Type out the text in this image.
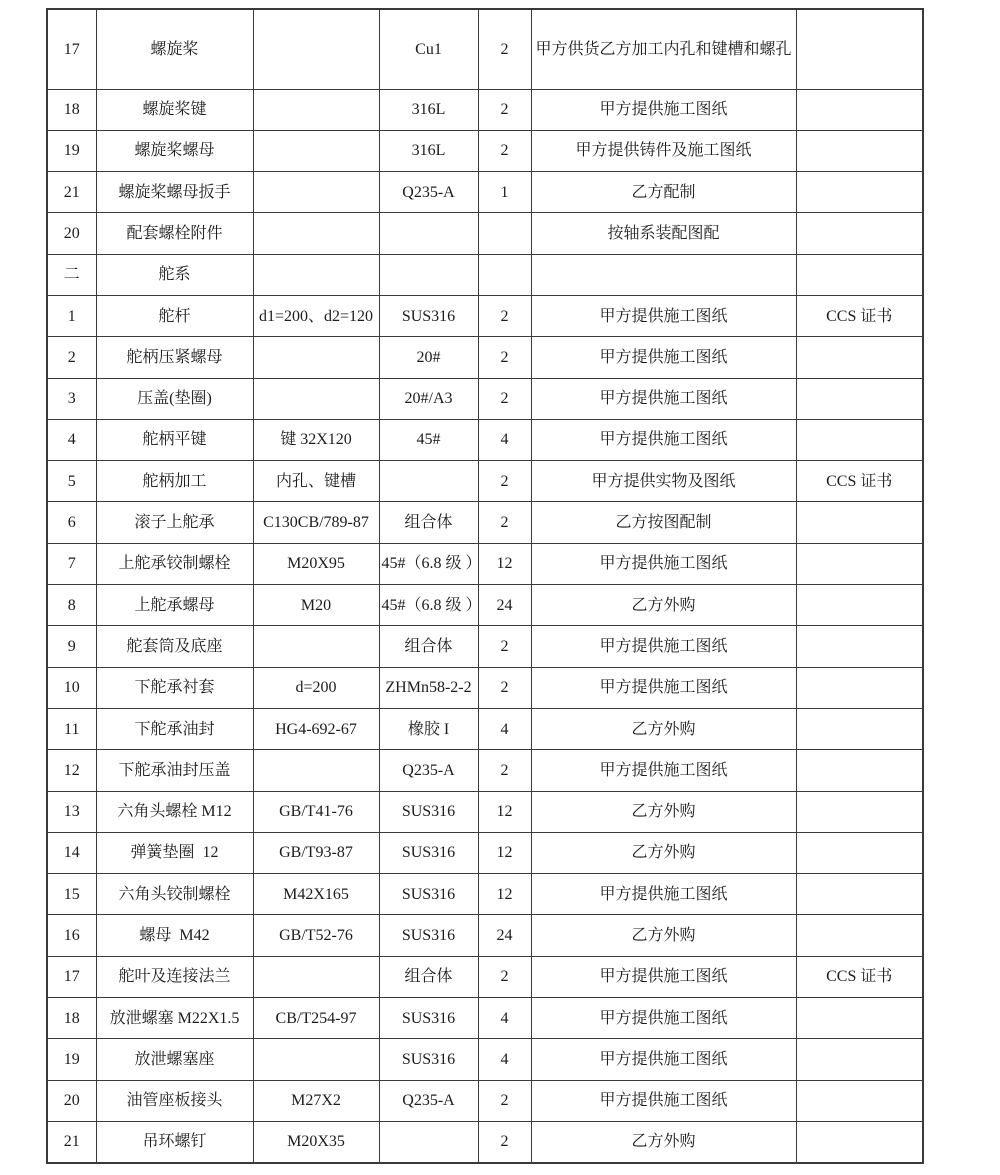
17	螺旋桨		Cu1	2	甲方供货乙方加工内孔和键槽和螺孔	
18	螺旋桨键		316L	2	甲方提供施工图纸	
19	螺旋桨螺母		316L	2	甲方提供铸件及施工图纸	
21	螺旋桨螺母扳手		Q235-A	1	乙方配制	
20	配套螺栓附件				按轴系装配图配	
二	舵系					
1	舵杆	d1=200、d2=120	SUS316	2	甲方提供施工图纸	CCS 证书
2	舵柄压紧螺母		20#	2	甲方提供施工图纸	
3	压盖(垫圈)		20#/A3	2	甲方提供施工图纸	
4	舵柄平键	键 32X120	45#	4	甲方提供施工图纸	
5	舵柄加工	内孔、键槽		2	甲方提供实物及图纸	CCS 证书
6	滚子上舵承	C130CB/789-87	组合体	2	乙方按图配制	
7	上舵承铰制螺栓	M20X95	45#（6.8 级 ）	12	甲方提供施工图纸	
8	上舵承螺母	M20	45#（6.8 级 ）	24	乙方外购	
9	舵套筒及底座		组合体	2	甲方提供施工图纸	
10	下舵承衬套	d=200	ZHMn58-2-2	2	甲方提供施工图纸	
11	下舵承油封	HG4-692-67	橡胶 I	4	乙方外购	
12	下舵承油封压盖		Q235-A	2	甲方提供施工图纸	
13	六角头螺栓 M12	GB/T41-76	SUS316	12	乙方外购	
14	弹簧垫圈  12	GB/T93-87	SUS316	12	乙方外购	
15	六角头铰制螺栓	M42X165	SUS316	12	甲方提供施工图纸	
16	螺母  M42	GB/T52-76	SUS316	24	乙方外购	
17	舵叶及连接法兰		组合体	2	甲方提供施工图纸	CCS 证书
18	放泄螺塞 M22X1.5	CB/T254-97	SUS316	4	甲方提供施工图纸	
19	放泄螺塞座		SUS316	4	甲方提供施工图纸	
20	油管座板接头	M27X2	Q235-A	2	甲方提供施工图纸	
21	吊环螺钉	M20X35		2	乙方外购	
